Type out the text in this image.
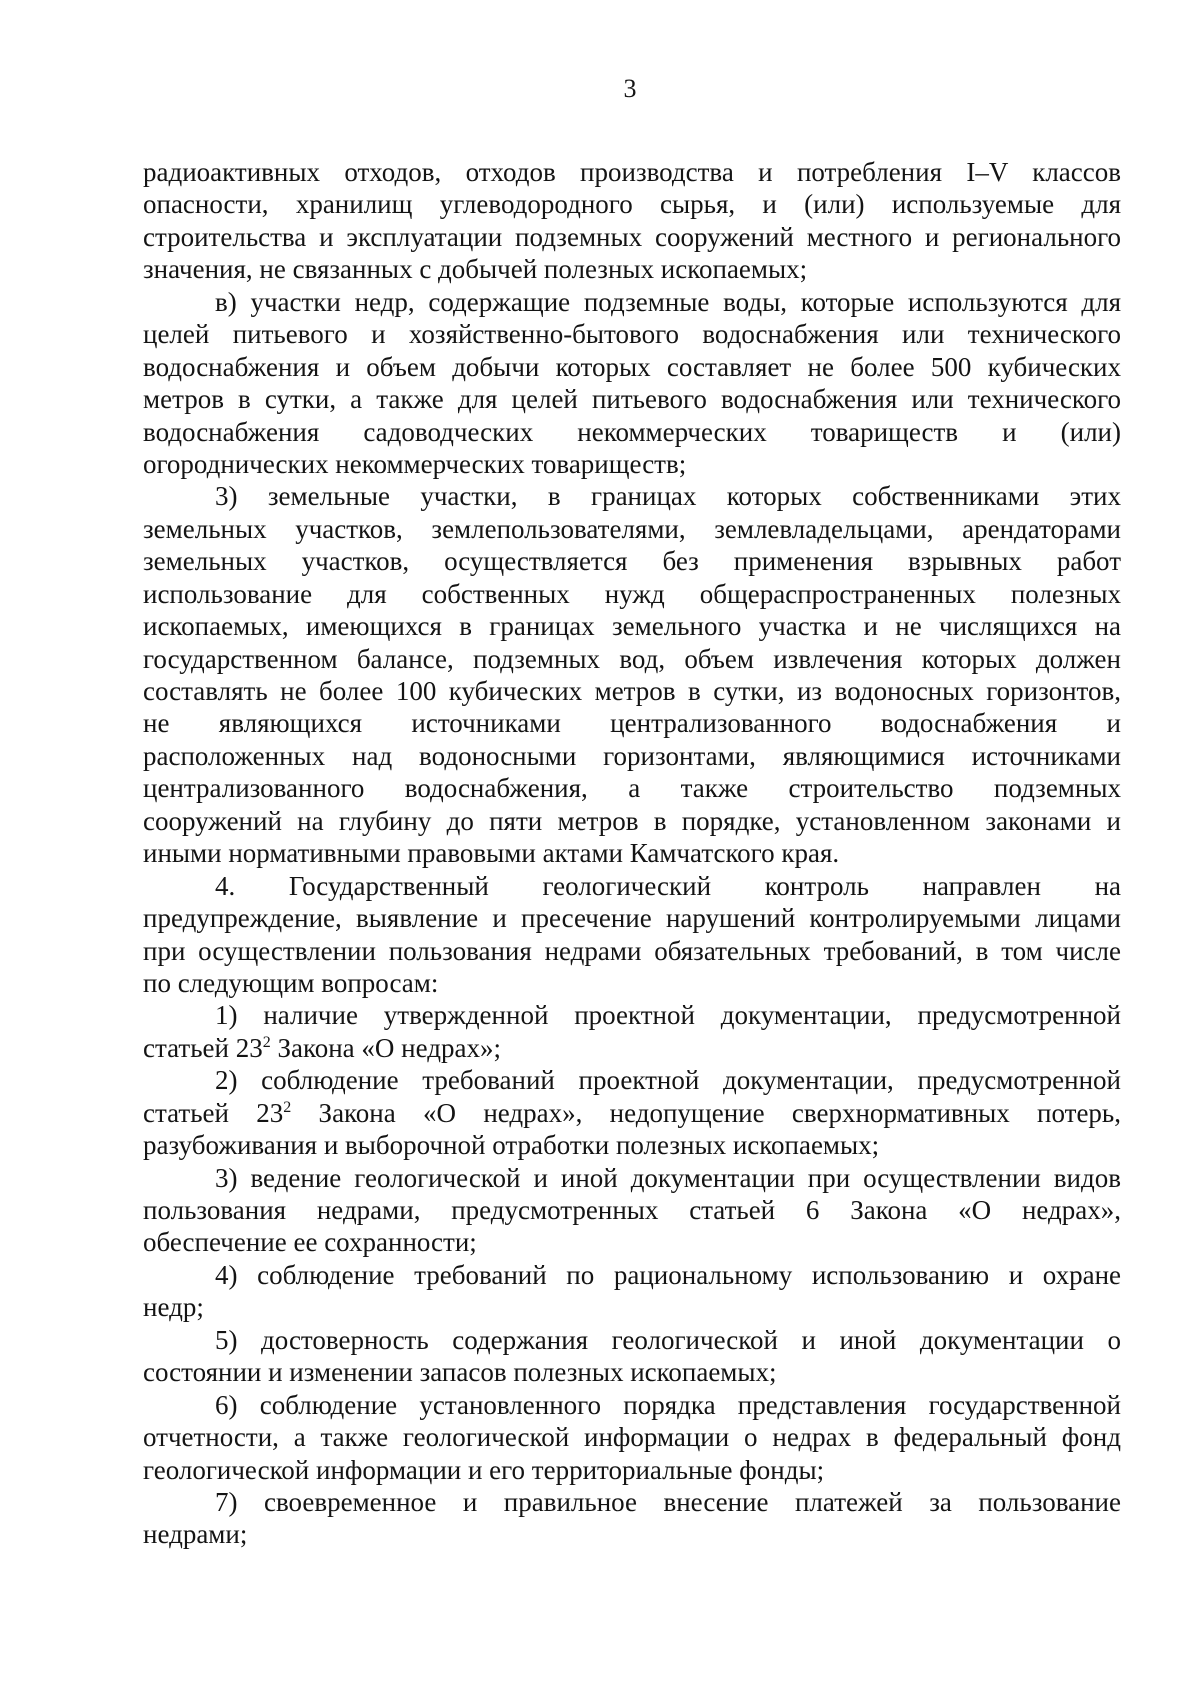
3
радиоактивных отходов, отходов производства и потребления I–V классов
опасности, хранилищ углеводородного сырья, и (или) используемые для
строительства и эксплуатации подземных сооружений местного и регионального
значения, не связанных с добычей полезных ископаемых;
в) участки недр, содержащие подземные воды, которые используются для
целей питьевого и хозяйственно-бытового водоснабжения или технического
водоснабжения и объем добычи которых составляет не более 500 кубических
метров в сутки, а также для целей питьевого водоснабжения или технического
водоснабжения садоводческих некоммерческих товариществ и (или)
огороднических некоммерческих товариществ;
3) земельные участки, в границах которых собственниками этих
земельных участков, землепользователями, землевладельцами, арендаторами
земельных участков, осуществляется без применения взрывных работ
использование для собственных нужд общераспространенных полезных
ископаемых, имеющихся в границах земельного участка и не числящихся на
государственном балансе, подземных вод, объем извлечения которых должен
составлять не более 100 кубических метров в сутки, из водоносных горизонтов,
не являющихся источниками централизованного водоснабжения и
расположенных над водоносными горизонтами, являющимися источниками
централизованного водоснабжения, а также строительство подземных
сооружений на глубину до пяти метров в порядке, установленном законами и
иными нормативными правовыми актами Камчатского края.
4. Государственный геологический контроль направлен на
предупреждение, выявление и пресечение нарушений контролируемыми лицами
при осуществлении пользования недрами обязательных требований, в том числе
по следующим вопросам:
1) наличие утвержденной проектной документации, предусмотренной
статьей $23^2$ Закона «О недрах»;
2) соблюдение требований проектной документации, предусмотренной
статьей $23^2$ Закона «О недрах», недопущение сверхнормативных потерь,
разубоживания и выборочной отработки полезных ископаемых;
3) ведение геологической и иной документации при осуществлении видов
пользования недрами, предусмотренных статьей 6 Закона «О недрах»,
обеспечение ее сохранности;
4) соблюдение требований по рациональному использованию и охране
недр;
5) достоверность содержания геологической и иной документации о
состоянии и изменении запасов полезных ископаемых;
6) соблюдение установленного порядка представления государственной
отчетности, а также геологической информации о недрах в федеральный фонд
геологической информации и его территориальные фонды;
7) своевременное и правильное внесение платежей за пользование
недрами;
